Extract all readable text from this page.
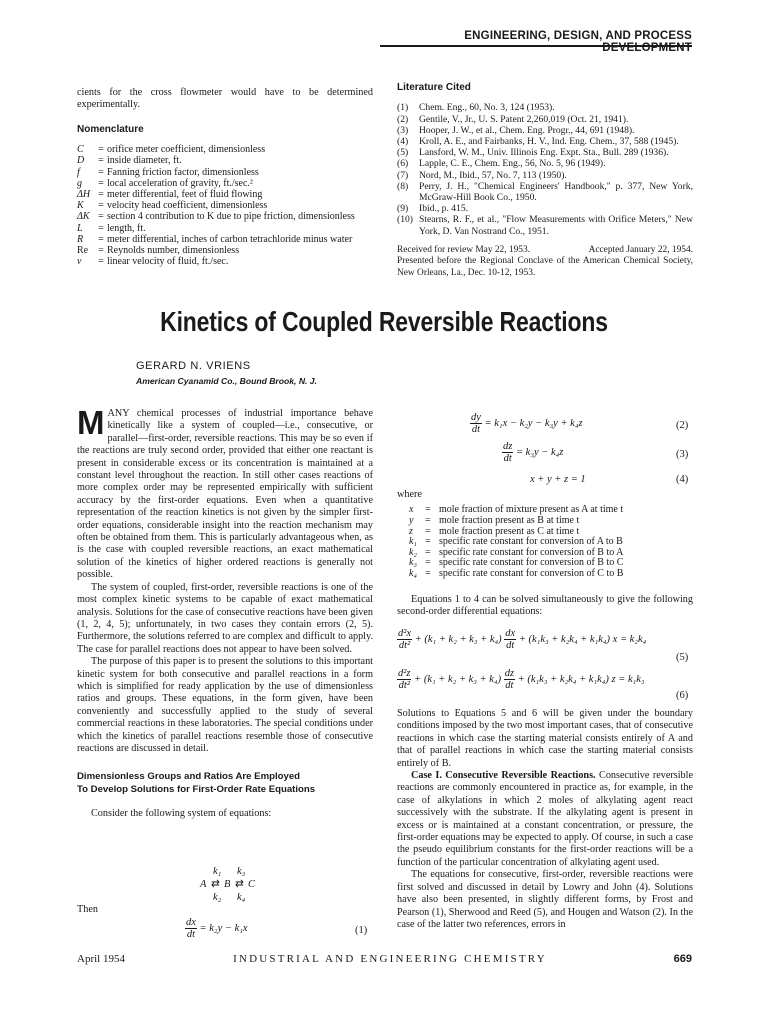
ENGINEERING, DESIGN, AND PROCESS DEVELOPMENT

cients for the cross flowmeter would have to be determined experimentally.

Nomenclature

C	= orifice meter coefficient, dimensionless
D	= inside diameter, ft.
f	= Fanning friction factor, dimensionless
g	= local acceleration of gravity, ft./sec.²
ΔH = meter differential, feet of fluid flowing
K	= velocity head coefficient, dimensionless
ΔK = section 4 contribution to K due to pipe friction, dimensionless
L	= length, ft.
R	= meter differential, inches of carbon tetrachloride minus water
Re	= Reynolds number, dimensionless
v	= linear velocity of fluid, ft./sec.

Literature Cited

(1)	Chem. Eng., 60, No. 3, 124 (1953).
(2)	Gentile, V., Jr., U. S. Patent 2,260,019 (Oct. 21, 1941).
(3)	Hooper, J. W., et al., Chem. Eng. Progr., 44, 691 (1948).
(4)	Kroll, A. E., and Fairbanks, H. V., Ind. Eng. Chem., 37, 588 (1945).
(5)	Lansford, W. M., Univ. Illinois Eng. Expt. Sta., Bull. 289 (1936).
(6)	Lapple, C. E., Chem. Eng., 56, No. 5, 96 (1949).
(7)	Nord, M., Ibid., 57, No. 7, 113 (1950).
(8)	Perry, J. H., "Chemical Engineers' Handbook," p. 377, New York, McGraw-Hill Book Co., 1950.
(9)	Ibid., p. 415.
(10) Stearns, R. F., et al., "Flow Measurements with Orifice Meters," New York, D. Van Nostrand Co., 1951.
Received for review May 22, 1953.	Accepted January 22, 1954.
Presented before the Regional Conclave of the American Chemical Society, New Orleans, La., Dec. 10-12, 1953.
Kinetics of Coupled Reversible Reactions
GERARD N. VRIENS
American Cyanamid Co., Bound Brook, N. J.

MANY chemical processes of industrial importance behave kinetically like a system of coupled—i.e., consecutive, or parallel—first-order, reversible reactions. This may be so even if the reactions are truly second order, provided that either one reactant is present in considerable excess or its concentration is maintained at a constant level throughout the reaction. In still other cases reactions of more complex order may be represented empirically with sufficient accuracy by the first-order equations. Even when a quantitative representation of the reaction kinetics is not given by the simpler first-order equations, considerable insight into the reaction mechanism may often be obtained from them. This is particularly advantageous when, as is the case with coupled reversible reactions, an exact mathematical solution of the kinetics of higher ordered reactions is generally not possible.

The system of coupled, first-order, reversible reactions is one of the most complex kinetic systems to be capable of exact mathematical analysis. Solutions for the case of consecutive reactions have been given (1, 2, 4, 5); unfortunately, in two cases they contain errors (2, 5). Furthermore, the solutions referred to are complex and difficult to apply. The case for parallel reactions does not appear to have been solved.

The purpose of this paper is to present the solutions to this important kinetic system for both consecutive and parallel reactions in a form which is simplified for ready application by the use of dimensionless ratios and groups. These equations, in the form given, have been conveniently and successfully applied to the study of several commercial reactions in these laboratories. The special conditions under which the kinetics of parallel reactions resemble those of consecutive reactions are discussed in detail.

Dimensionless Groups and Ratios Are Employed

To Develop Solutions for First-Order Rate Equations

Consider the following system of equations:

k₁ k₃
A ⇄ B ⇄ C
k₂ k₄
Then
$\frac{dx}{dt} = k_2y - k_1x$	(1)
$\frac{dy}{dt} = k_1x - k_2y - k_3y + k_4z$	(2)
$\frac{dz}{dt} = k_3y - k_4z$	(3)
x + y + z = 1	(4)

where

x	= mole fraction of mixture present as A at time t
y	= mole fraction present as B at time t
z	= mole fraction present as C at time t
k₁ = specific rate constant for conversion of A to B
k₂ = specific rate constant for conversion of B to A
k₃ = specific rate constant for conversion of B to C
k₄ = specific rate constant for conversion of C to B

Equations 1 to 4 can be solved simultaneously to give the following second-order differential equations:

$\frac{\text{d²x}}{\text{dt²}} + (k_1 + k_2 + k_3 + k_4) \frac{dx}{dt} + (k_1k_3 + k_2k_4 + k_1k_4) x = k_2k_4$
(5)
$\frac{\text{d²z}}{\text{dt²}} + (k_1 + k_2 + k_3 + k_4) \frac{dz}{dt} + (k_1k_3 + k_2k_4 + k_1k_4) z = k_1k_3$
(6)

Solutions to Equations 5 and 6 will be given under the boundary conditions imposed by the two most important cases, that of consecutive reactions in which case the starting material consists entirely of A and that of parallel reactions in which case the starting material consists entirely of B.

Case I. Consecutive Reversible Reactions. Consecutive reversible reactions are commonly encountered in practice as, for example, in the case of alkylations in which 2 moles of alkylating agent react successively with the substrate. If the alkylating agent is present in excess or is maintained at a constant concentration, or pressure, the first-order equations may be expected to apply. Of course, in such a case the pseudo equilibrium constants for the first-order reactions will be a function of the particular concentration of alkylating agent used.

The equations for consecutive, first-order, reversible reactions were first solved and discussed in detail by Lowry and John (4). Solutions have also been presented, in slightly different forms, by Frost and Pearson (1), Sherwood and Reed (5), and Hougen and Watson (2). In the case of the latter two references, errors in

April 1954	INDUSTRIAL AND ENGINEERING CHEMISTRY	669
